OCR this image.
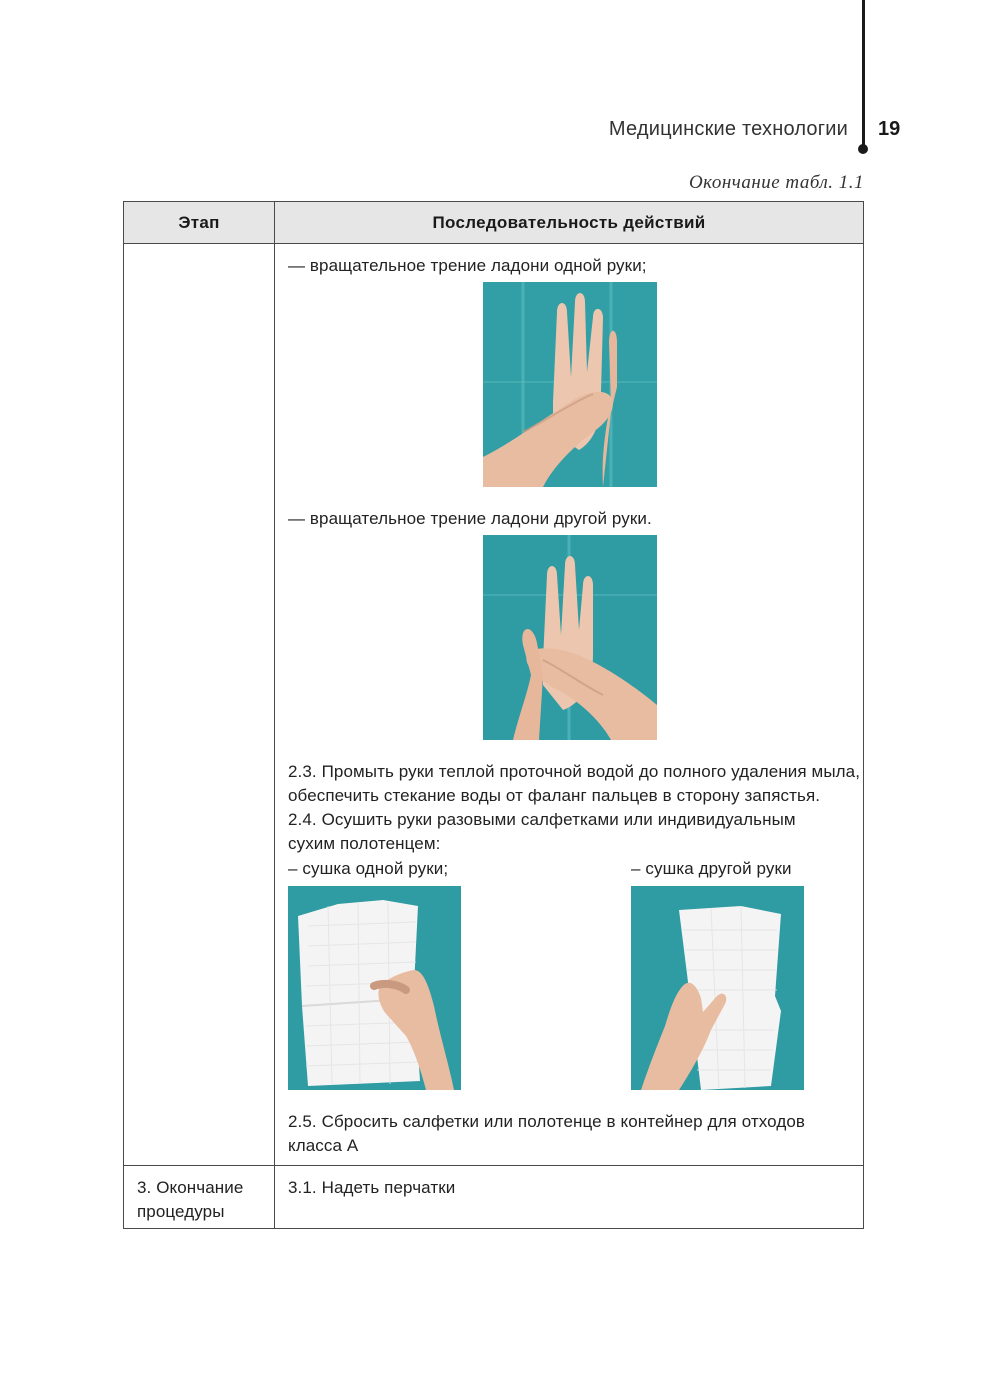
Медицинские технологии 19
Окончание табл. 1.1
Этап	Последовательность действий
— вращательное трение ладони одной руки;
— вращательное трение ладони другой руки.
2.3. Промыть руки теплой проточной водой до полного удаления мыла,
обеспечить стекание воды от фаланг пальцев в сторону запястья.
2.4. Осушить руки разовыми салфетками или индивидуальным
сухим полотенцем:
– сушка одной руки;	– сушка другой руки
2.5. Сбросить салфетки или полотенце в контейнер для отходов
класса А
3. Окончание
процедуры
3.1. Надеть перчатки
